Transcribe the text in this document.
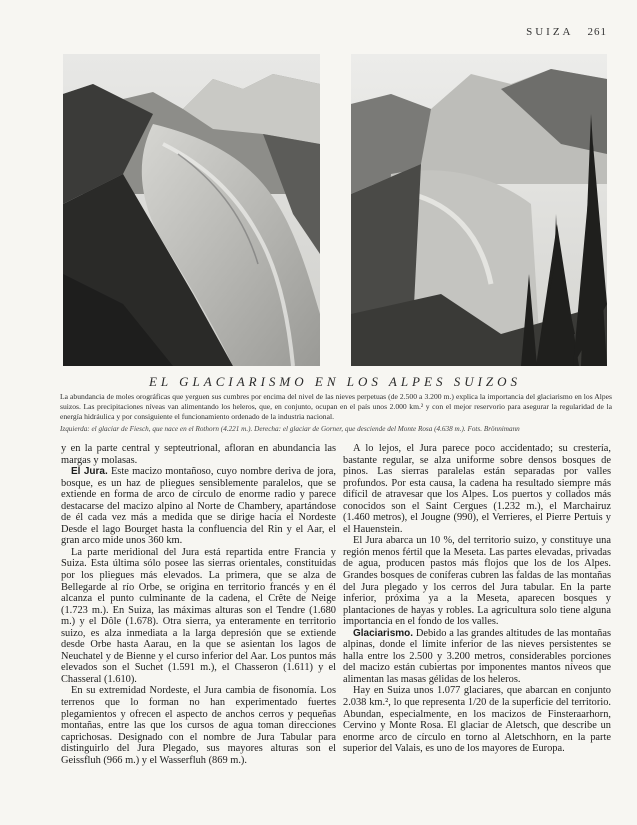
SUIZA 261
EL GLACIARISMO EN LOS ALPES SUIZOS
La abundancia de moles orográficas que yerguen sus cumbres por encima del nivel de las nieves perpetuas (de 2.500 a 3.200 m.) explica la importancia del glaciarismo en los Alpes suizos. Las precipitaciones níveas van alimentando los heleros, que, en conjunto, ocupan en el país unos 2.000 km.² y con el mejor reservorio para asegurar la regularidad de la energía hidráulica y por consiguiente el funcionamiento ordenado de la industria nacional.
Izquierda: el glaciar de Fiesch, que nace en el Rothorn (4.221 m.). Derecha: el glaciar de Gorner, que desciende del Monte Rosa (4.638 m.). Fots. Brönnimann

y en la parte central y septeutrional, afloran en abundancia las margas y molasas.

El Jura. Este macizo montañoso, cuyo nombre deriva de jora, bosque, es un haz de pliegues sensiblemente paralelos, que se extiende en forma de arco de círculo de enorme radio y parece destacarse del macizo alpino al Norte de Chambery, apartándose de él cada vez más a medida que se dirige hacia el Nordeste Desde el lago Bourget hasta la confluencia del Rin y el Aar, el gran arco mide unos 360 km.

La parte meridional del Jura está repartida entre Francia y Suiza. Esta última sólo posee las sierras orientales, constituidas por los pliegues más elevados. La primera, que se alza de Bellegarde al río Orbe, se origina en territorio francés y en él alcanza el punto culminante de la cadena, el Crête de Neige (1.723 m.). En Suiza, las máximas alturas son el Tendre (1.680 m.) y el Dôle (1.678). Otra sierra, ya enteramente en territorio suizo, es alza inmediata a la larga depresión que se extiende desde Orbe hasta Aarau, en la que se asientan los lagos de Neuchatel y de Bienne y el curso inferior del Aar. Los puntos más elevados son el Suchet (1.591 m.), el Chasseron (1.611) y el Chasseral (1.610).

En su extremidad Nordeste, el Jura cambia de fisonomía. Los terrenos que lo forman no han experimentado fuertes plegamientos y ofrecen el aspecto de anchos cerros y pequeñas montañas, entre las que los cursos de agua toman direcciones caprichosas. Designado con el nombre de Jura Tabular para distinguirlo del Jura Plegado, sus mayores alturas son el Geissfluh (966 m.) y el Wasserfluh (869 m.).

A lo lejos, el Jura parece poco accidentado; su crestería, bastante regular, se alza uniforme sobre densos bosques de pinos. Las sierras paralelas están separadas por valles profundos. Por esta causa, la cadena ha resultado siempre más difícil de atravesar que los Alpes. Los puertos y collados más conocidos son el Saint Cergues (1.232 m.), el Marchairuz (1.460 metros), el Jougne (990), el Verrieres, el Pierre Pertuis y el Hauenstein.

El Jura abarca un 10 %, del territorio suizo, y constituye una región menos fértil que la Meseta. Las partes elevadas, privadas de agua, producen pastos más flojos que los de los Alpes. Grandes bosques de coníferas cubren las faldas de las montañas del Jura plegado y los cerros del Jura tabular. En la parte inferior, próxima ya a la Meseta, aparecen bosques y plantaciones de hayas y robles. La agricultura solo tiene alguna importancia en el fondo de los valles.

Glaciarismo. Debido a las grandes altitudes de las montañas alpinas, donde el límite inferior de las nieves persistentes se halla entre los 2.500 y 3.200 metros, considerables porciones del macizo están cubiertas por imponentes mantos níveos que alimentan las masas gélidas de los heleros.

Hay en Suiza unos 1.077 glaciares, que abarcan en conjunto 2.038 km.², lo que representa 1/20 de la superficie del territorio. Abundan, especialmente, en los macizos de Finsteraarhorn, Cervino y Monte Rosa. El glaciar de Aletsch, que describe un enorme arco de círculo en torno al Aletschhorn, en la parte superior del Valais, es uno de los mayores de Europa.
